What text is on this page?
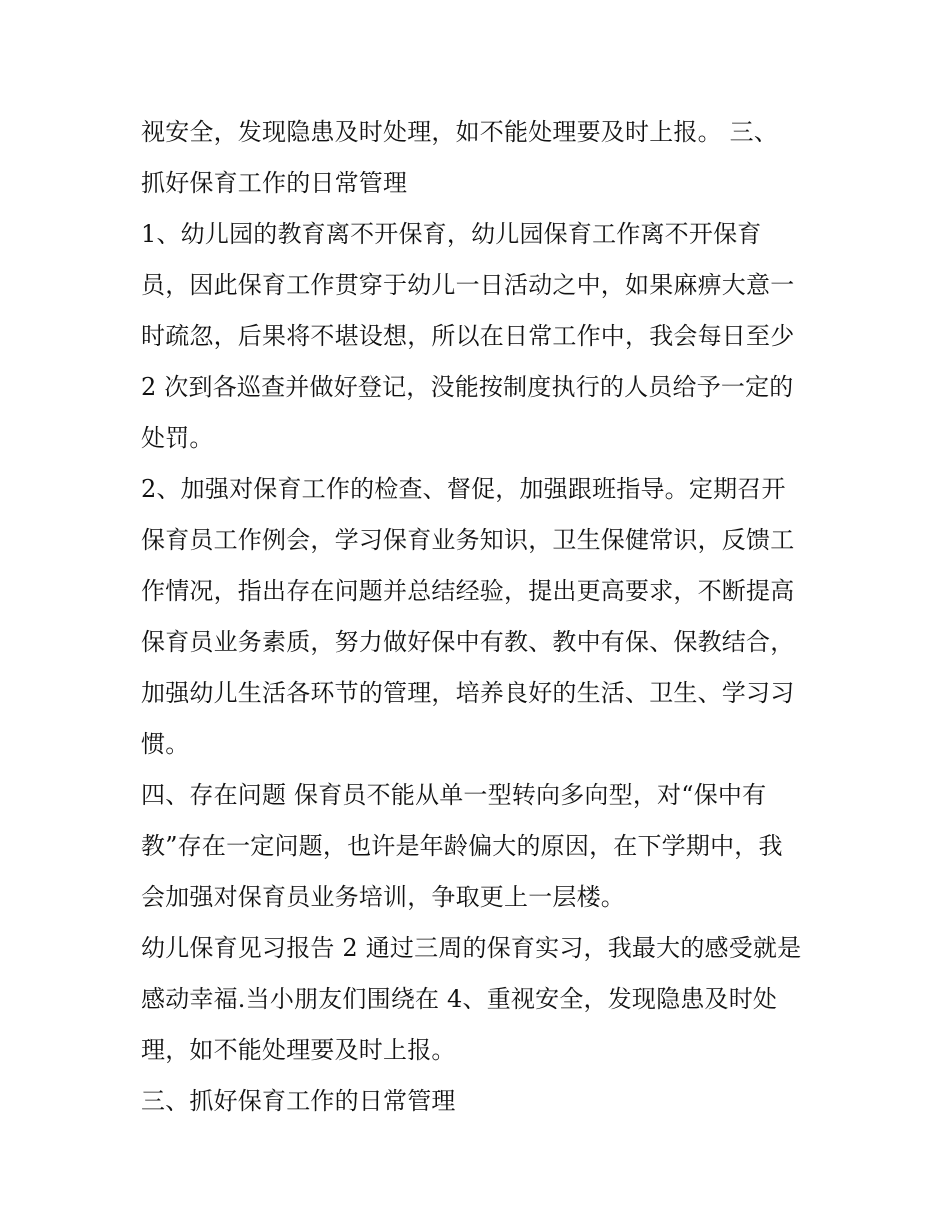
视安全，发现隐患及时处理，如不能处理要及时上报。 三、
抓好保育工作的日常管理
1、幼儿园的教育离不开保育，幼儿园保育工作离不开保育
员，因此保育工作贯穿于幼儿一日活动之中，如果麻痹大意一
时疏忽，后果将不堪设想，所以在日常工作中，我会每日至少
2 次到各巡查并做好登记，没能按制度执行的人员给予一定的
处罚。
2、加强对保育工作的检查、督促，加强跟班指导。定期召开
保育员工作例会，学习保育业务知识，卫生保健常识，反馈工
作情况，指出存在问题并总结经验，提出更高要求，不断提高
保育员业务素质，努力做好保中有教、教中有保、保教结合，
加强幼儿生活各环节的管理，培养良好的生活、卫生、学习习
惯。
四、存在问题 保育员不能从单一型转向多向型，对“保中有
教”存在一定问题，也许是年龄偏大的原因，在下学期中，我
会加强对保育员业务培训，争取更上一层楼。
幼儿保育见习报告 2 通过三周的保育实习，我最大的感受就是
感动幸福.当小朋友们围绕在 4、重视安全，发现隐患及时处
理，如不能处理要及时上报。
三、抓好保育工作的日常管理
